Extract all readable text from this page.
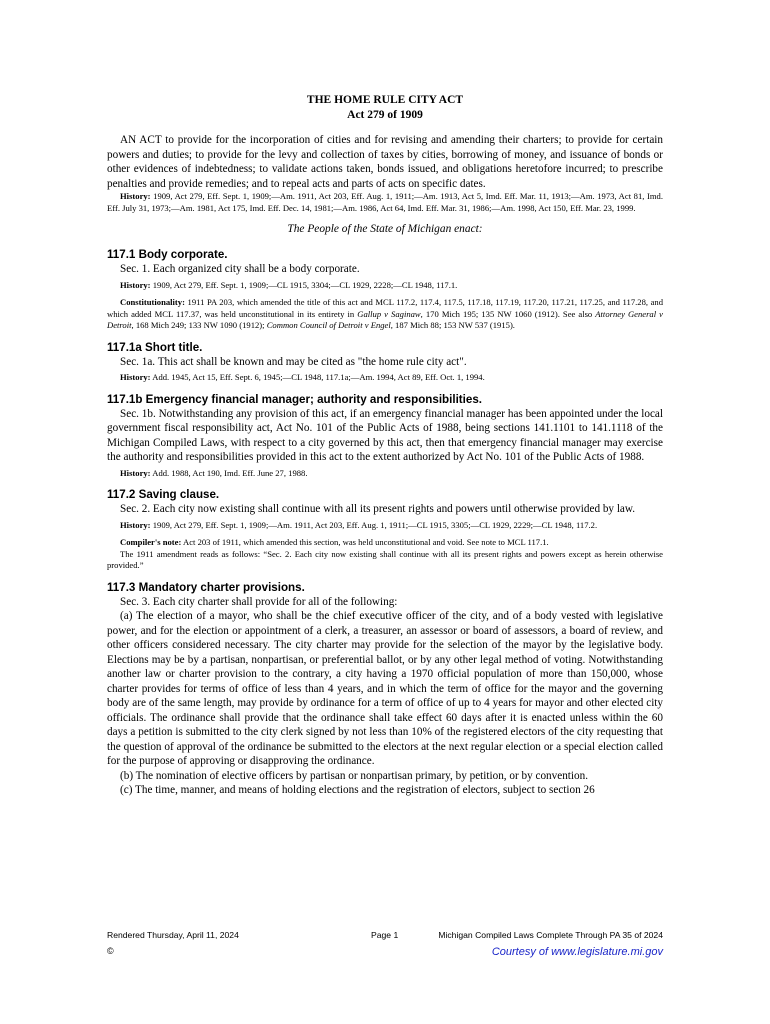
THE HOME RULE CITY ACT
Act 279 of 1909

AN ACT to provide for the incorporation of cities and for revising and amending their charters; to provide for certain powers and duties; to provide for the levy and collection of taxes by cities, borrowing of money, and issuance of bonds or other evidences of indebtedness; to validate actions taken, bonds issued, and obligations heretofore incurred; to prescribe penalties and provide remedies; and to repeal acts and parts of acts on specific dates.

History: 1909, Act 279, Eff. Sept. 1, 1909;—Am. 1911, Act 203, Eff. Aug. 1, 1911;—Am. 1913, Act 5, Imd. Eff. Mar. 11, 1913;—Am. 1973, Act 81, Imd. Eff. July 31, 1973;—Am. 1981, Act 175, Imd. Eff. Dec. 14, 1981;—Am. 1986, Act 64, Imd. Eff. Mar. 31, 1986;—Am. 1998, Act 150, Eff. Mar. 23, 1999.

The People of the State of Michigan enact:
117.1 Body corporate.

Sec. 1. Each organized city shall be a body corporate.

History: 1909, Act 279, Eff. Sept. 1, 1909;—CL 1915, 3304;—CL 1929, 2228;—CL 1948, 117.1.

Constitutionality: 1911 PA 203, which amended the title of this act and MCL 117.2, 117.4, 117.5, 117.18, 117.19, 117.20, 117.21, 117.25, and 117.28, and which added MCL 117.37, was held unconstitutional in its entirety in Gallup v Saginaw, 170 Mich 195; 135 NW 1060 (1912). See also Attorney General v Detroit, 168 Mich 249; 133 NW 1090 (1912); Common Council of Detroit v Engel, 187 Mich 88; 153 NW 537 (1915).

117.1a Short title.

Sec. 1a. This act shall be known and may be cited as "the home rule city act".

History: Add. 1945, Act 15, Eff. Sept. 6, 1945;—CL 1948, 117.1a;—Am. 1994, Act 89, Eff. Oct. 1, 1994.

117.1b Emergency financial manager; authority and responsibilities.

Sec. 1b. Notwithstanding any provision of this act, if an emergency financial manager has been appointed under the local government fiscal responsibility act, Act No. 101 of the Public Acts of 1988, being sections 141.1101 to 141.1118 of the Michigan Compiled Laws, with respect to a city governed by this act, then that emergency financial manager may exercise the authority and responsibilities provided in this act to the extent authorized by Act No. 101 of the Public Acts of 1988.

History: Add. 1988, Act 190, Imd. Eff. June 27, 1988.

117.2 Saving clause.

Sec. 2. Each city now existing shall continue with all its present rights and powers until otherwise provided by law.

History: 1909, Act 279, Eff. Sept. 1, 1909;—Am. 1911, Act 203, Eff. Aug. 1, 1911;—CL 1915, 3305;—CL 1929, 2229;—CL 1948, 117.2.

Compiler's note: Act 203 of 1911, which amended this section, was held unconstitutional and void. See note to MCL 117.1.

The 1911 amendment reads as follows: “Sec. 2. Each city now existing shall continue with all its present rights and powers except as herein otherwise provided.”

117.3 Mandatory charter provisions.

Sec. 3. Each city charter shall provide for all of the following:

(a) The election of a mayor, who shall be the chief executive officer of the city, and of a body vested with legislative power, and for the election or appointment of a clerk, a treasurer, an assessor or board of assessors, a board of review, and other officers considered necessary. The city charter may provide for the selection of the mayor by the legislative body. Elections may be by a partisan, nonpartisan, or preferential ballot, or by any other legal method of voting. Notwithstanding another law or charter provision to the contrary, a city having a 1970 official population of more than 150,000, whose charter provides for terms of office of less than 4 years, and in which the term of office for the mayor and the governing body are of the same length, may provide by ordinance for a term of office of up to 4 years for mayor and other elected city officials. The ordinance shall provide that the ordinance shall take effect 60 days after it is enacted unless within the 60 days a petition is submitted to the city clerk signed by not less than 10% of the registered electors of the city requesting that the question of approval of the ordinance be submitted to the electors at the next regular election or a special election called for the purpose of approving or disapproving the ordinance.

(b) The nomination of elective officers by partisan or nonpartisan primary, by petition, or by convention.

(c) The time, manner, and means of holding elections and the registration of electors, subject to section 26

Rendered Thursday, April 11, 2024	Page 1	Michigan Compiled Laws Complete Through PA 35 of 2024
©	Courtesy of www.legislature.mi.gov
